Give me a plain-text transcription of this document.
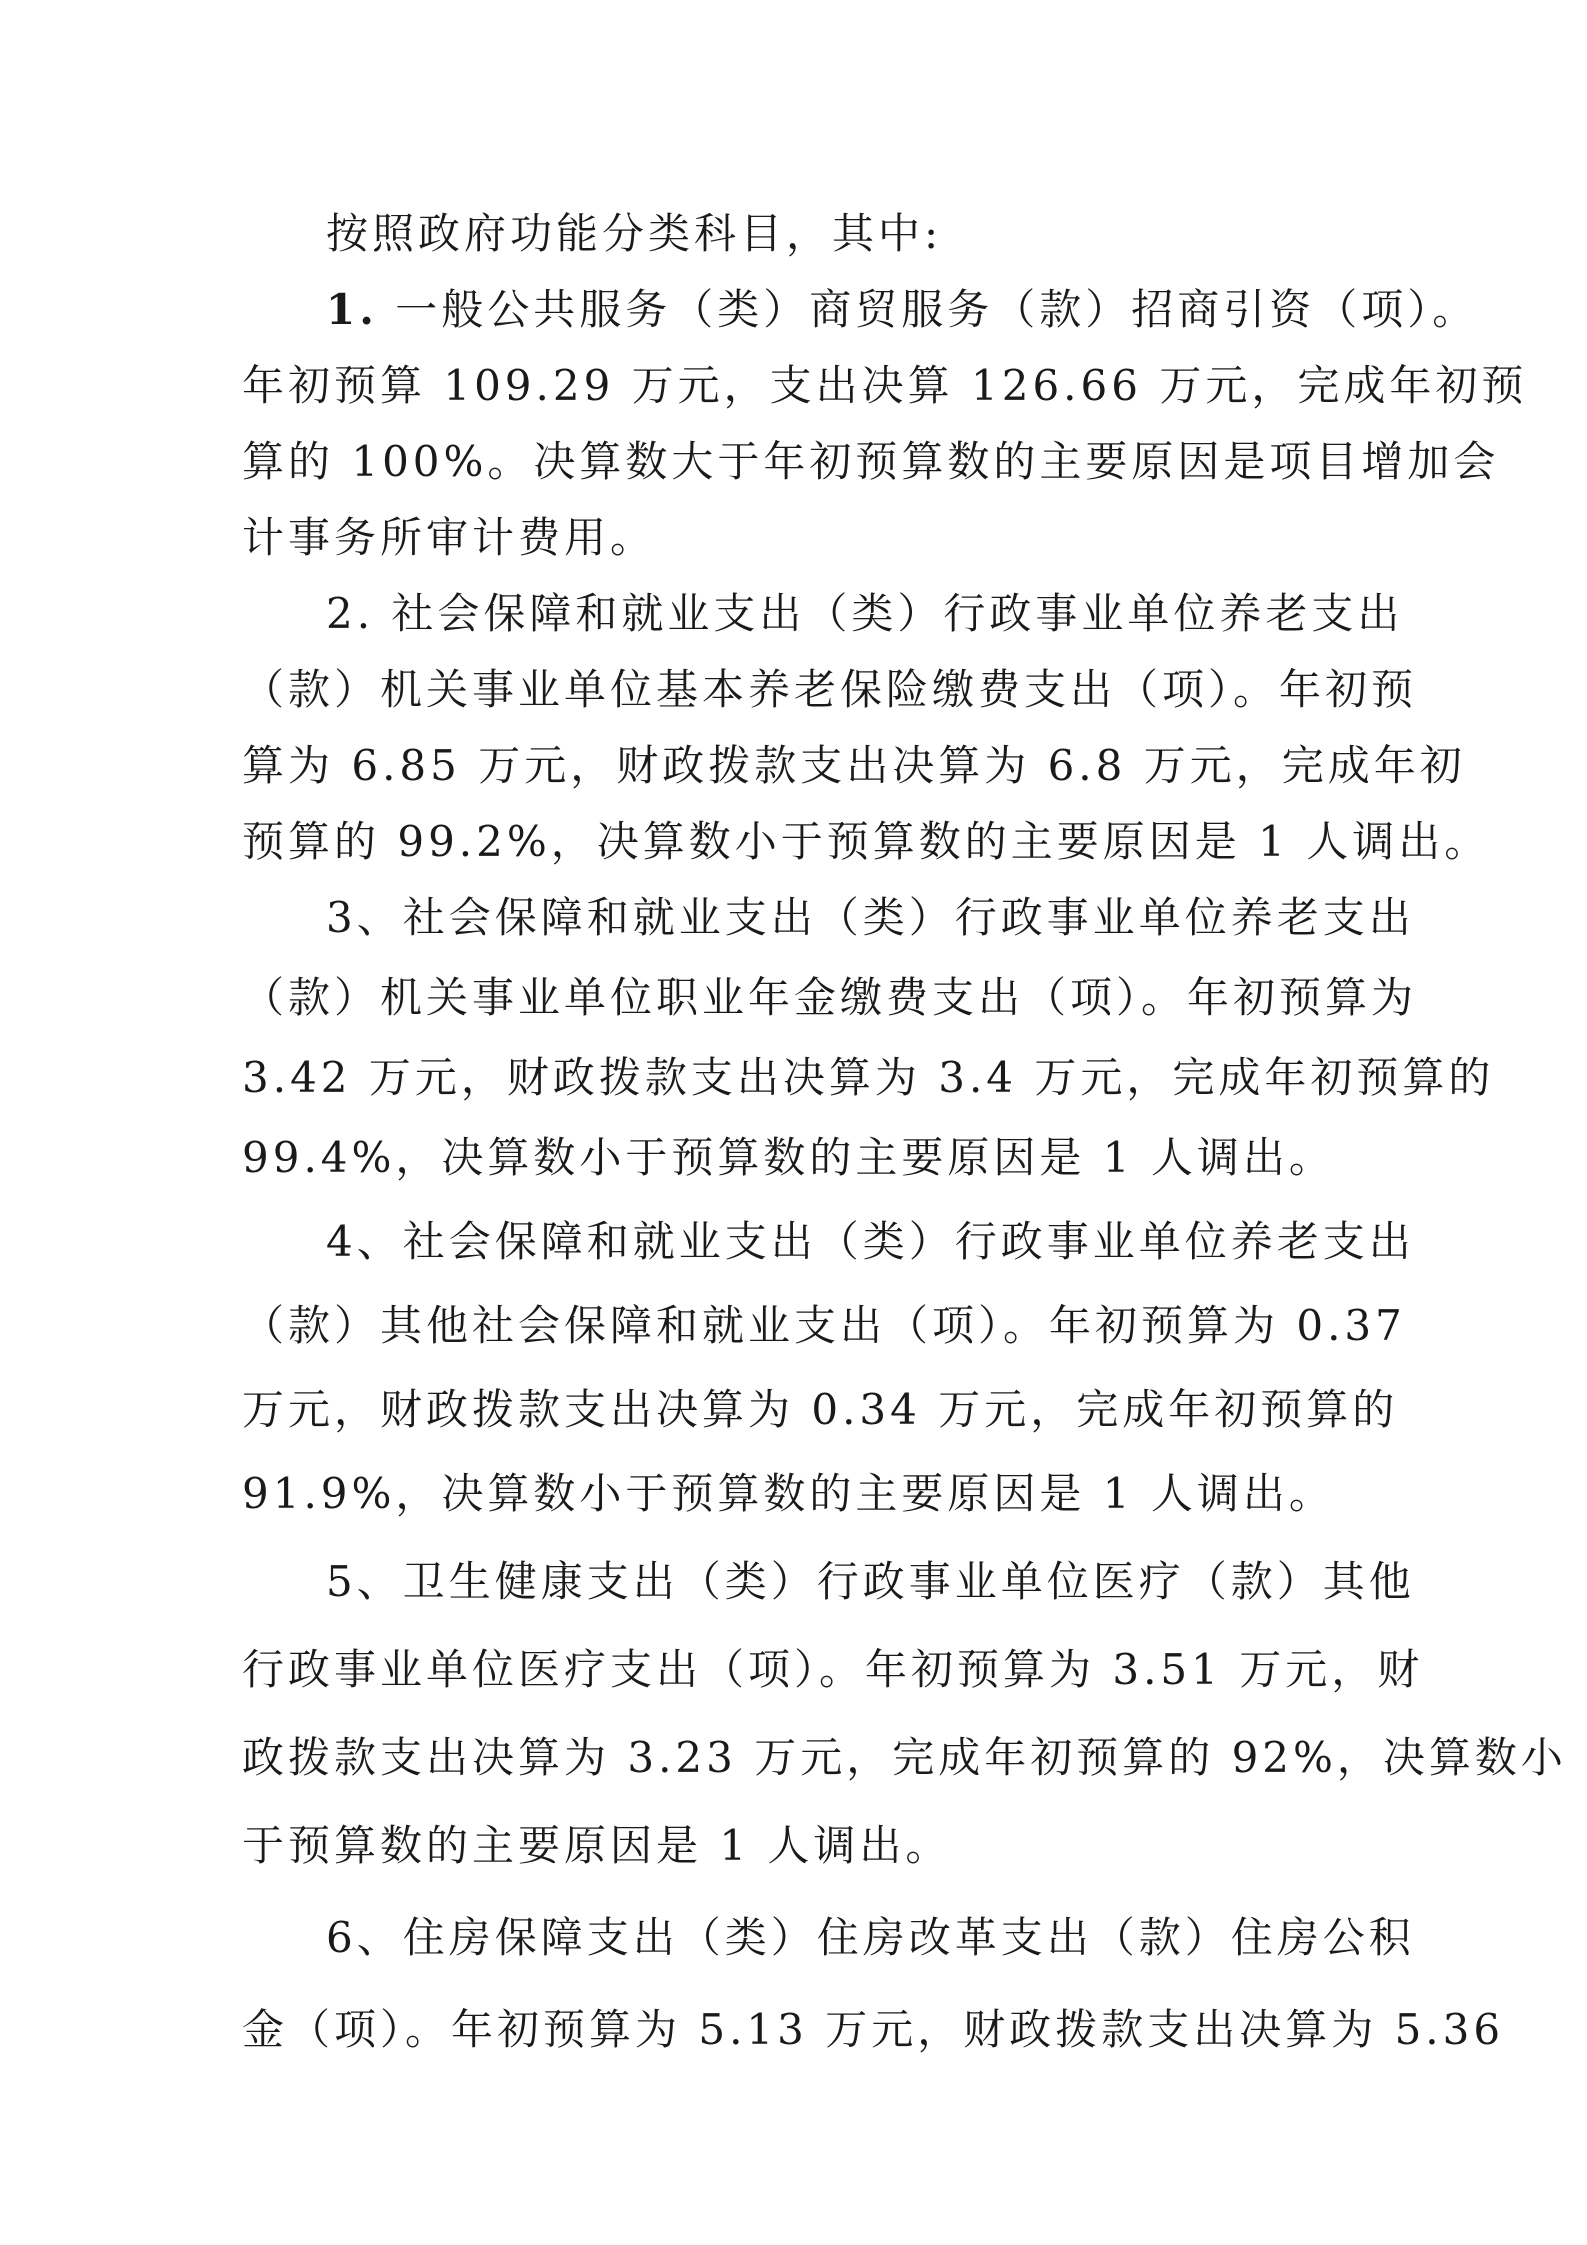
按照政府功能分类科目，其中:
1. 一般公共服务（类）商贸服务（款）招商引资（项）。
年初预算 109.29 万元，支出决算 126.66 万元，完成年初预
算的 100%。决算数大于年初预算数的主要原因是项目增加会
计事务所审计费用。
2. 社会保障和就业支出（类）行政事业单位养老支出
（款）机关事业单位基本养老保险缴费支出（项）。年初预
算为 6.85 万元，财政拨款支出决算为 6.8 万元，完成年初
预算的 99.2%，决算数小于预算数的主要原因是 1 人调出。
3、社会保障和就业支出（类）行政事业单位养老支出
（款）机关事业单位职业年金缴费支出（项）。年初预算为
3.42 万元，财政拨款支出决算为 3.4 万元，完成年初预算的
99.4%，决算数小于预算数的主要原因是 1 人调出。
4、社会保障和就业支出（类）行政事业单位养老支出
（款）其他社会保障和就业支出（项）。年初预算为 0.37
万元，财政拨款支出决算为 0.34 万元，完成年初预算的
91.9%，决算数小于预算数的主要原因是 1 人调出。
5、卫生健康支出（类）行政事业单位医疗（款）其他
行政事业单位医疗支出（项）。年初预算为 3.51 万元，财
政拨款支出决算为 3.23 万元，完成年初预算的 92%，决算数小
于预算数的主要原因是 1 人调出。
6、住房保障支出（类）住房改革支出（款）住房公积
金（项）。年初预算为 5.13 万元，财政拨款支出决算为 5.36
